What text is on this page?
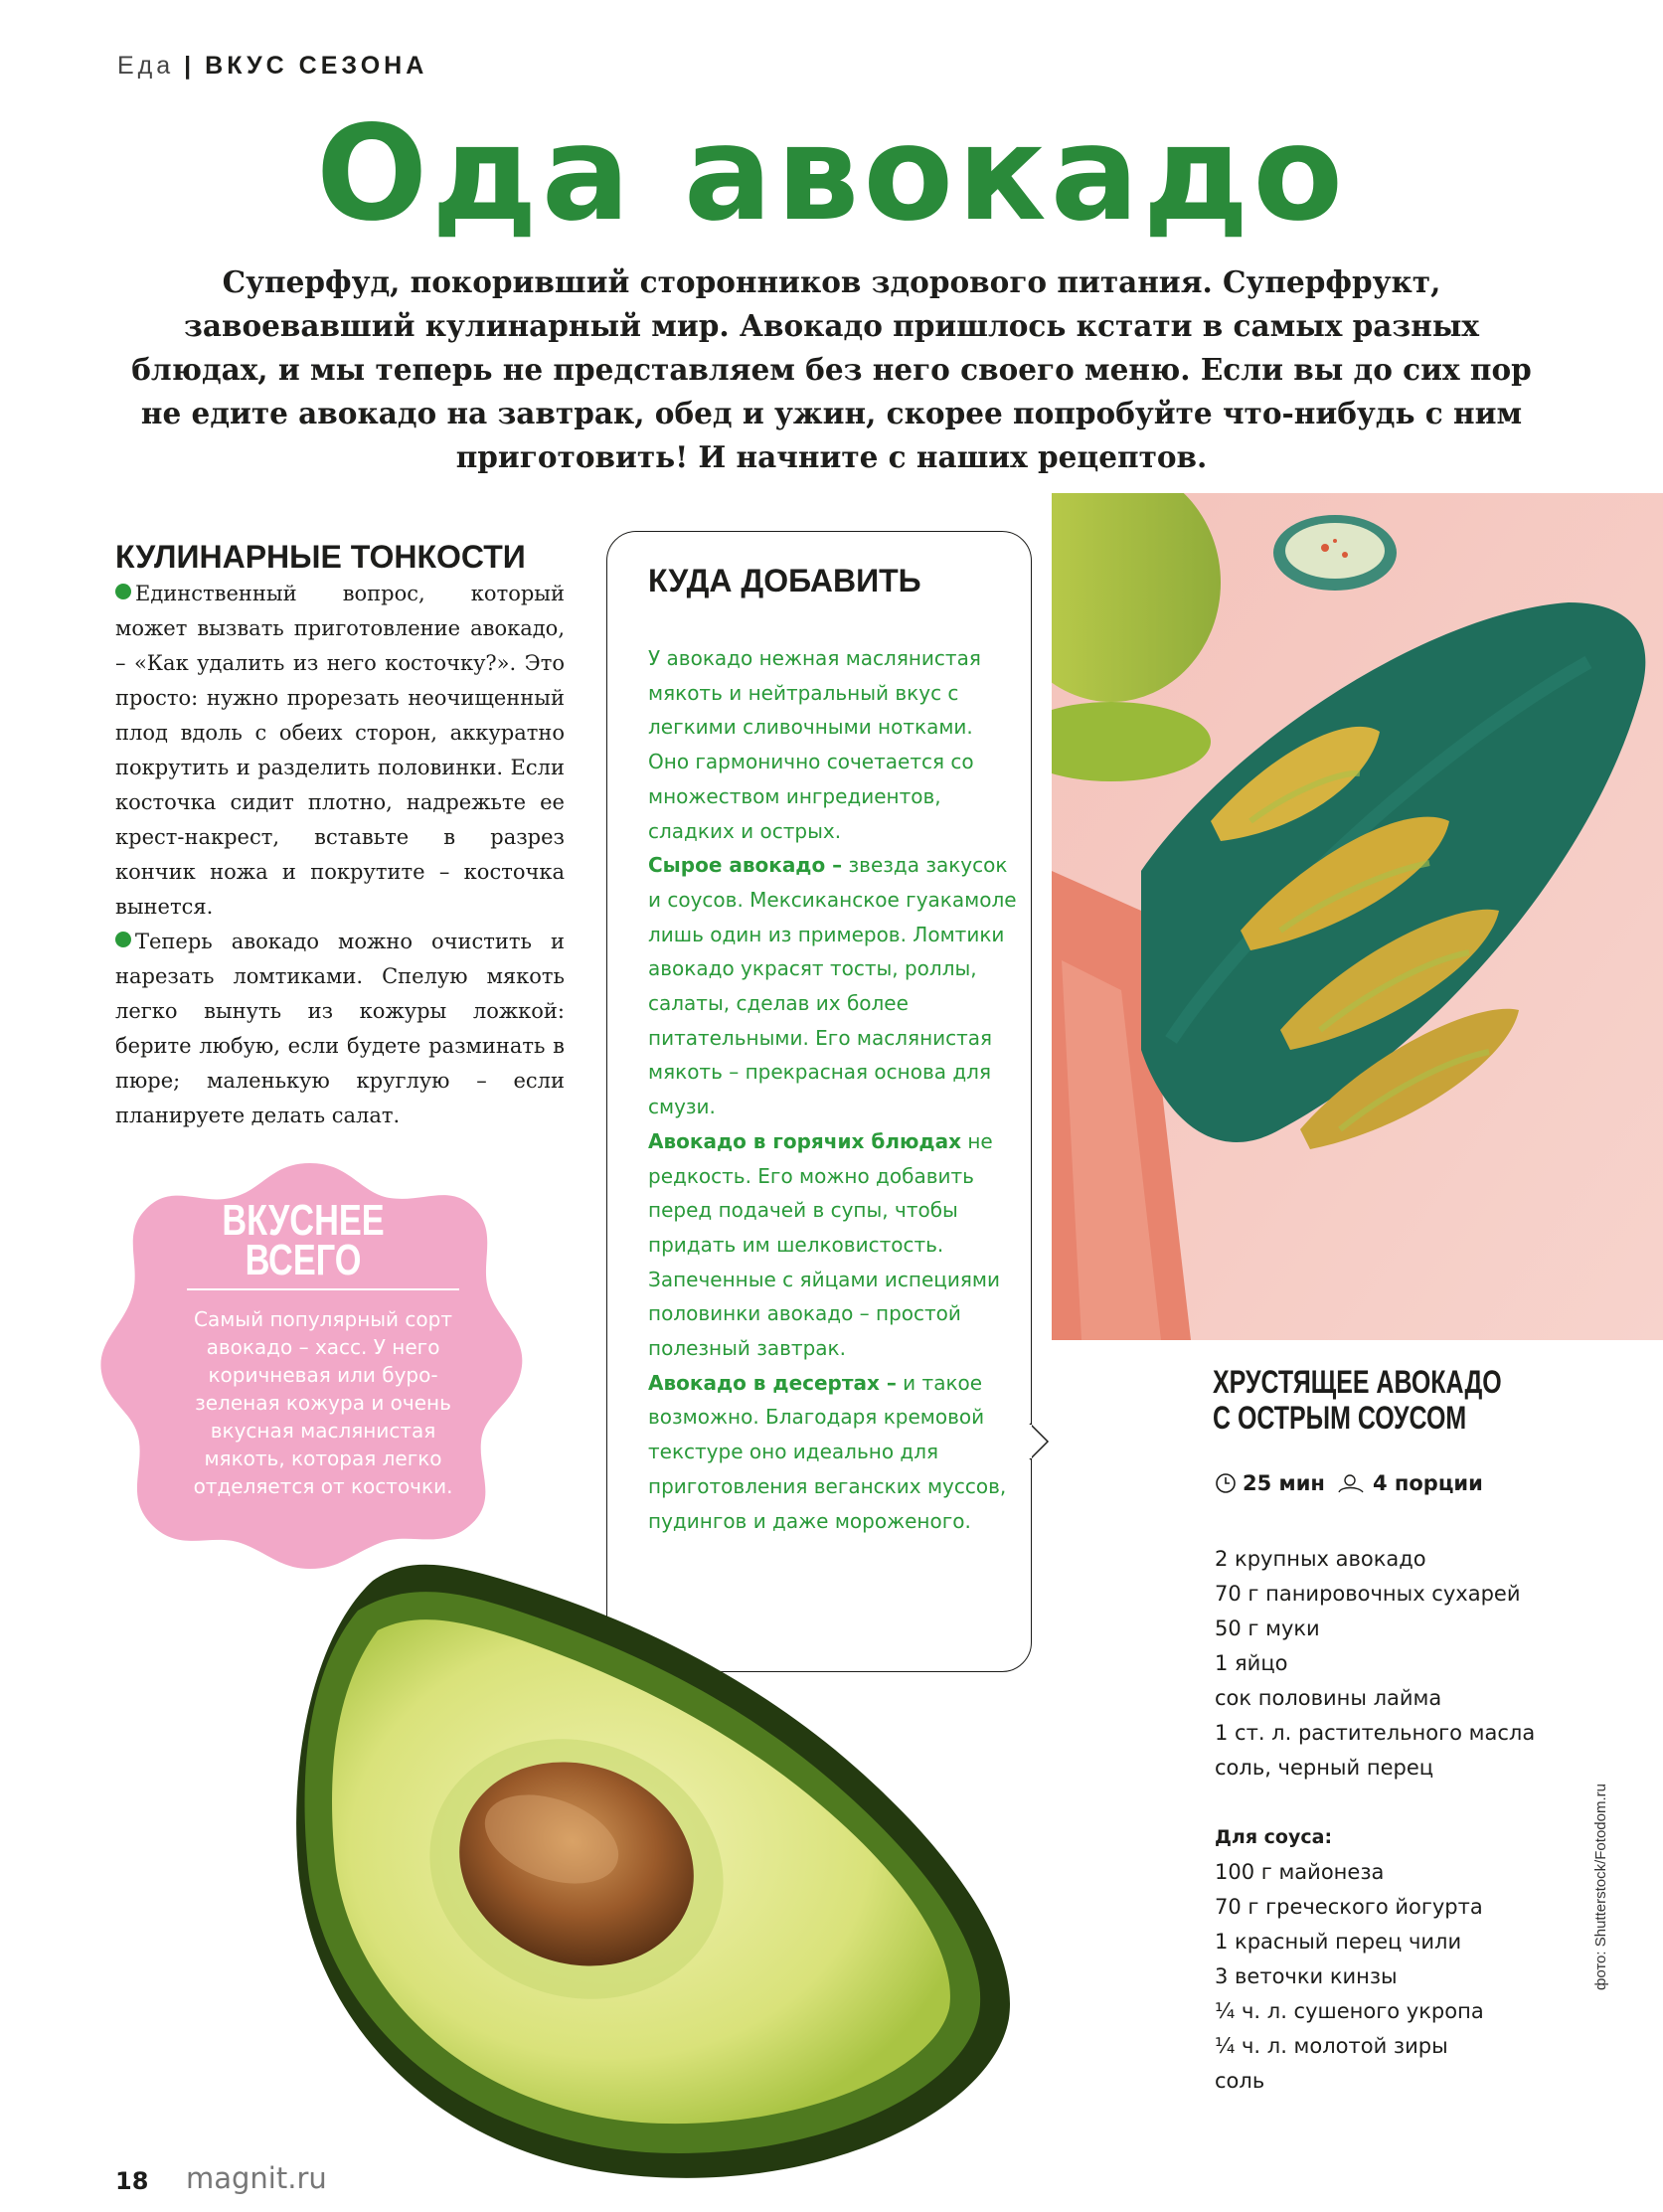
Еда | ВКУС СЕЗОНА
Ода авокадо
Суперфуд, покоривший сторонников здорового питания. Суперфрукт, завоевавший кулинарный мир. Авокадо пришлось кстати в самых разных блюдах, и мы теперь не представляем без него своего меню. Если вы до сих пор не едите авокадо на завтрак, обед и ужин, скорее попробуйте что-нибудь с ним приготовить! И начните с наших рецептов.
КУЛИНАРНЫЕ ТОНКОСТИ

Единственный вопрос, который может вызвать приготовление авокадо, – «Как удалить из него косточку?». Это просто: нужно прорезать неочищенный плод вдоль с обеих сторон, аккуратно покрутить и разделить половинки. Если косточка сидит плотно, надрежьте ее крест-накрест, вставьте в разрез кончик ножа и покрутите – косточка вынется.

Теперь авокадо можно очистить и нарезать ломтиками. Спелую мякоть легко вынуть из кожуры ложкой: берите любую, если будете разминать в пюре; маленькую круглую – если планируете делать салат.

КУДА ДОБАВИТЬ

У авокадо нежная маслянистая мякоть и нейтральный вкус с легкими сливочными нотками. Оно гармонично сочетается со множеством ингредиентов, сладких и острых.

Сырое авокадо – звезда закусок и соусов. Мексиканское гуакамоле лишь один из примеров. Ломтики авокадо украсят тосты, роллы, салаты, сделав их более питательными. Его маслянистая мякоть – прекрасная основа для смузи.

Авокадо в горячих блюдах не редкость. Его можно добавить перед подачей в супы, чтобы придать им шелковистость. Запеченные с яйцами испециями половинки авокадо – простой полезный завтрак.

Авокадо в десертах – и такое возможно. Благодаря кремовой текстуре оно идеально для приготовления веганских муссов, пудингов и даже мороженого.

ХРУСТЯЩЕЕ АВОКАДО
С ОСТРЫМ СОУСОМ
25 мин 4 порции

2 крупных авокадо

70 г панировочных сухарей

50 г муки

1 яйцо

сок половины лайма

1 ст. л. растительного масла

соль, черный перец

Для соуса:

100 г майонеза

70 г греческого йогурта

1 красный перец чили

3 веточки кинзы

¼ ч. л. сушеного укропа

¼ ч. л. молотой зиры

соль

фото: Shutterstock/Fotodom.ru
ВКУСНЕЕ
ВСЕГО
Самый популярный сорт авокадо – хасс. У него коричневая или буро-зеленая кожура и очень вкусная маслянистая мякоть, которая легко отделяется от косточки.
18 magnit.ru
